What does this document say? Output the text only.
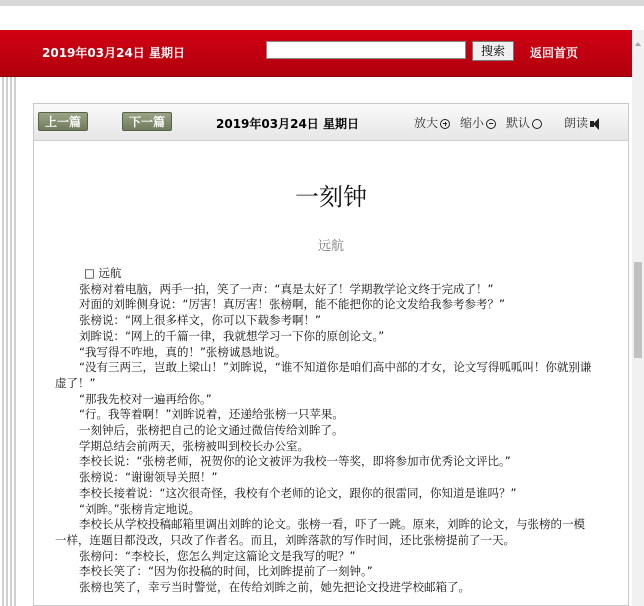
2019年03月24日 星期日	搜索	返回首页
上一篇	下一篇	2019年03月24日 星期日	放大	缩小	默认	朗读
一刻钟
远航

□ 远航

张榜对着电脑，两手一拍，笑了一声：“真是太好了！学期教学论文终于完成了！”

对面的刘眸侧身说：“厉害！真厉害！张榜啊，能不能把你的论文发给我参考参考？”

张榜说：“网上很多样文，你可以下载参考啊！”

刘眸说：“网上的千篇一律，我就想学习一下你的原创论文。”

“我写得不咋地，真的！”张榜诚恳地说。

“没有三两三，岂敢上梁山！”刘眸说，“谁不知道你是咱们高中部的才女，论文写得呱呱叫！你就别谦虚了！”

“那我先校对一遍再给你。”

“行。我等着啊！”刘眸说着，还递给张榜一只苹果。

一刻钟后，张榜把自己的论文通过微信传给刘眸了。

学期总结会前两天，张榜被叫到校长办公室。

李校长说：“张榜老师，祝贺你的论文被评为我校一等奖，即将参加市优秀论文评比。”

张榜说：“谢谢领导关照！”

李校长接着说：“这次很奇怪，我校有个老师的论文，跟你的很雷同，你知道是谁吗？”

“刘眸。”张榜肯定地说。

李校长从学校投稿邮箱里调出刘眸的论文。张榜一看，吓了一跳。原来，刘眸的论文，与张榜的一模一样，连题目都没改，只改了作者名。而且，刘眸落款的写作时间，还比张榜提前了一天。

张榜问：“李校长，您怎么判定这篇论文是我写的呢？”

李校长笑了：“因为你投稿的时间，比刘眸提前了一刻钟。”

张榜也笑了，幸亏当时警觉，在传给刘眸之前，她先把论文投进学校邮箱了。
